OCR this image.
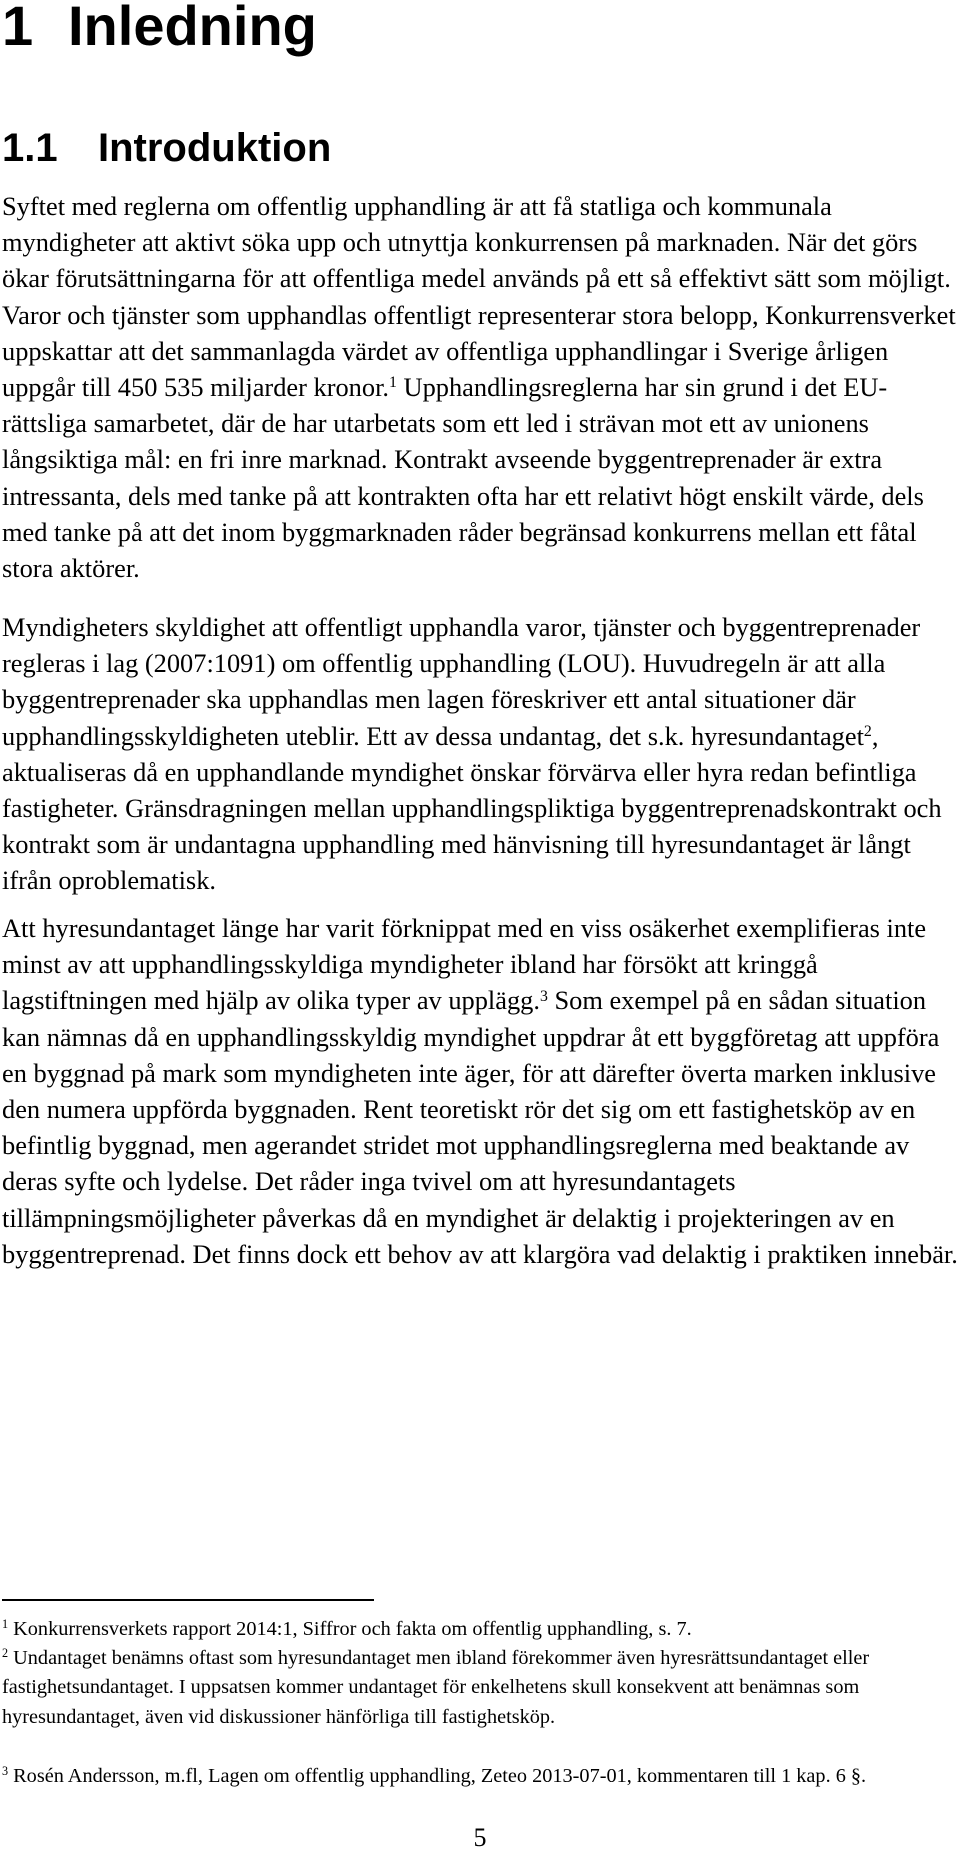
1 Inledning
1.1 Introduktion

Syftet med reglerna om offentlig upphandling är att få statliga och kommunala myndigheter att aktivt söka upp och utnyttja konkurrensen på marknaden. När det görs ökar förutsättningarna för att offentliga medel används på ett så effektivt sätt som möjligt. Varor och tjänster som upphandlas offentligt representerar stora belopp, Konkurrensverket uppskattar att det sammanlagda värdet av offentliga upphandlingar i Sverige årligen uppgår till 450 535 miljarder kronor.$^1$ Upphandlingsreglerna har sin grund i det EU-rättsliga samarbetet, där de har utarbetats som ett led i strävan mot ett av unionens långsiktiga mål: en fri inre marknad. Kontrakt avseende byggentreprenader är extra intressanta, dels med tanke på att kontrakten ofta har ett relativt högt enskilt värde, dels med tanke på att det inom byggmarknaden råder begränsad konkurrens mellan ett fåtal stora aktörer.

Myndigheters skyldighet att offentligt upphandla varor, tjänster och byggentreprenader regleras i lag (2007:1091) om offentlig upphandling (LOU). Huvudregeln är att alla byggentreprenader ska upphandlas men lagen föreskriver ett antal situationer där upphandlingsskyldigheten uteblir. Ett av dessa undantag, det s.k. hyresundantaget$^2$, aktualiseras då en upphandlande myndighet önskar förvärva eller hyra redan befintliga fastigheter. Gränsdragningen mellan upphandlingspliktiga byggentreprenadskontrakt och kontrakt som är undantagna upphandling med hänvisning till hyresundantaget är långt ifrån oproblematisk.

Att hyresundantaget länge har varit förknippat med en viss osäkerhet exemplifieras inte minst av att upphandlingsskyldiga myndigheter ibland har försökt att kringgå lagstiftningen med hjälp av olika typer av upplägg.$^3$ Som exempel på en sådan situation kan nämnas då en upphandlingsskyldig myndighet uppdrar åt ett byggföretag att uppföra en byggnad på mark som myndigheten inte äger, för att därefter överta marken inklusive den numera uppförda byggnaden. Rent teoretiskt rör det sig om ett fastighetsköp av en befintlig byggnad, men agerandet stridet mot upphandlingsreglerna med beaktande av deras syfte och lydelse. Det råder inga tvivel om att hyresundantagets tillämpningsmöjligheter påverkas då en myndighet är delaktig i projekteringen av en byggentreprenad. Det finns dock ett behov av att klargöra vad delaktig i praktiken innebär.

$^1$ Konkurrensverkets rapport 2014:1, Siffror och fakta om offentlig upphandling, s. 7.

$^2$ Undantaget benämns oftast som hyresundantaget men ibland förekommer även hyresrättsundantaget eller fastighetsundantaget. I uppsatsen kommer undantaget för enkelhetens skull konsekvent att benämnas som hyresundantaget, även vid diskussioner hänförliga till fastighetsköp.

$^3$ Rosén Andersson, m.fl, Lagen om offentlig upphandling, Zeteo 2013-07-01, kommentaren till 1 kap. 6 §.

5
